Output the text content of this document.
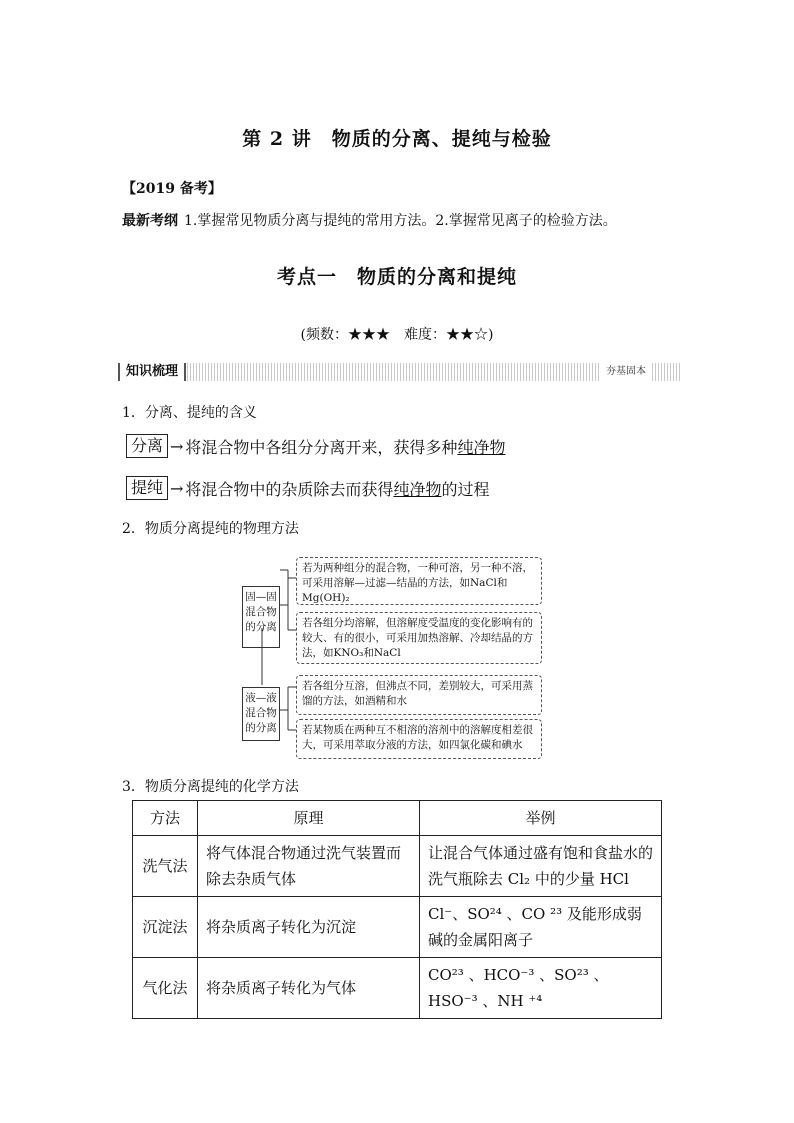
第 2 讲　物质的分离、提纯与检验
【2019 备考】
最新考纲 1.掌握常见物质分离与提纯的常用方法。2.掌握常见离子的检验方法。
考点一　物质的分离和提纯
(频数：★★★　难度：★★☆)
知识梳理	夯基固本
1．分离、提纯的含义
分离 → 将混合物中各组分分离开来，获得多种 纯净物
提纯 → 将混合物中的杂质除去而获得 纯净物 的过程
2．物质分离提纯的物理方法
固—固混合物的分离
液—液混合物的分离
若为两种组分的混合物，一种可溶，另一种不溶，可采用溶解—过滤—结晶的方法，如NaCl和Mg(OH)₂
若各组分均溶解，但溶解度受温度的变化影响有的较大、有的很小，可采用加热溶解、冷却结晶的方法，如KNO₃和NaCl
若各组分互溶，但沸点不同，差别较大，可采用蒸馏的方法，如酒精和水
若某物质在两种互不相溶的溶剂中的溶解度相差很大，可采用萃取分液的方法，如四氯化碳和碘水
3．物质分离提纯的化学方法
方法	原理	举例
洗气法	将气体混合物通过洗气装置而除去杂质气体	让混合气体通过盛有饱和食盐水的洗气瓶除去 Cl₂ 中的少量 HCl
沉淀法	将杂质离子转化为沉淀	Cl⁻、SO²⁴ 、CO ²³ 及能形成弱碱的金属阳离子
气化法	将杂质离子转化为气体	CO²³ 、HCO⁻³ 、SO²³ 、HSO⁻³ 、NH ⁺⁴
